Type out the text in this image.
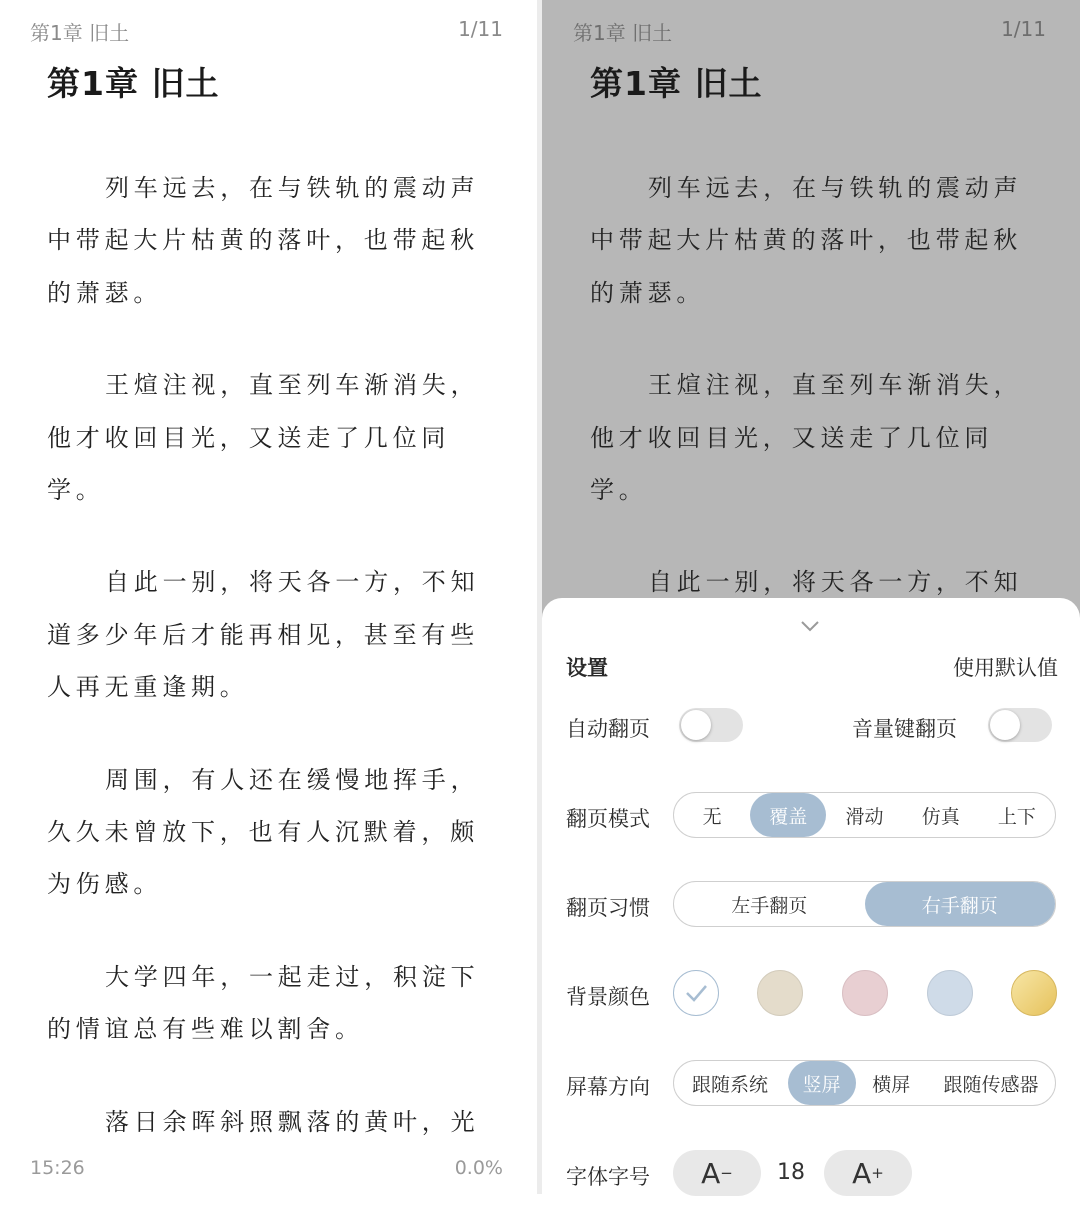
第1章 旧土	1/11
第1章 旧土

列车远去，在与铁轨的震动声中带起大片枯黄的落叶，也带起秋的萧瑟。

王煊注视，直至列车渐消失，他才收回目光，又送走了几位同学。

自此一别，将天各一方，不知道多少年后才能再相见，甚至有些人再无重逢期。

周围，有人还在缓慢地挥手，久久未曾放下，也有人沉默着，颇为伤感。

大学四年，一起走过，积淀下的情谊总有些难以割舍。

落日余晖斜照飘落的黄叶，光

15:26	0.0%
第1章 旧土	1/11
第1章 旧土

列车远去，在与铁轨的震动声中带起大片枯黄的落叶，也带起秋的萧瑟。

王煊注视，直至列车渐消失，他才收回目光，又送走了几位同学。

自此一别，将天各一方，不知

设置	使用默认值
自动翻页	音量键翻页
翻页模式	无	覆盖	滑动	仿真	上下
翻页习惯	左手翻页	右手翻页
背景颜色
屏幕方向	跟随系统	竖屏	横屏	跟随传感器
字体字号 A − 18 A +
